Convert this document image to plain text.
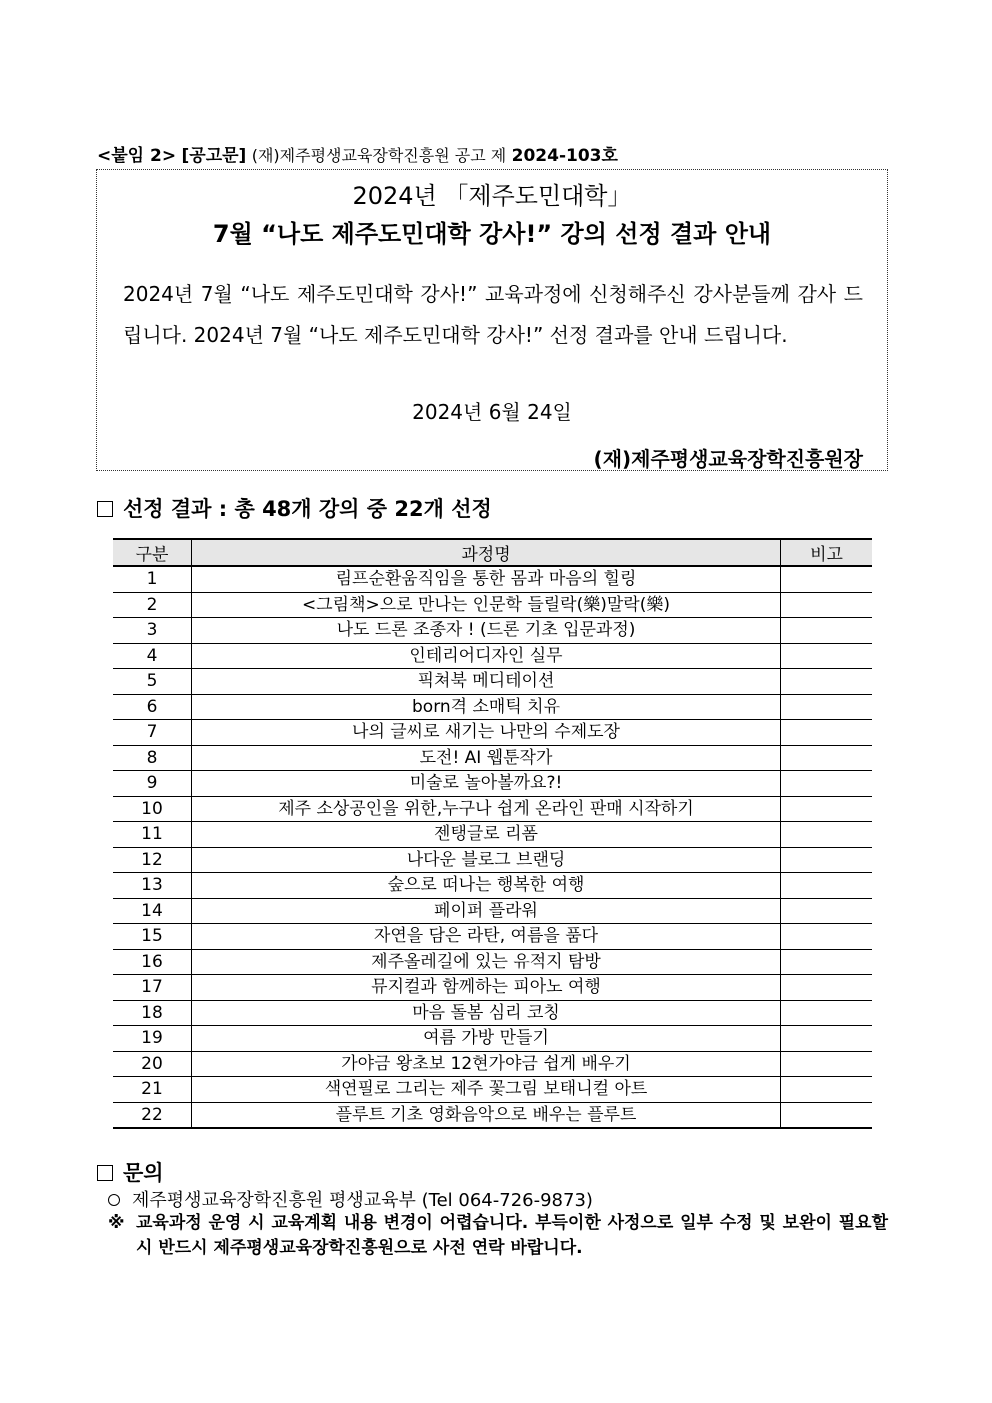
<붙임 2> [공고문] (재)제주평생교육장학진흥원 공고 제 2024-103호
2024년 「제주도민대학」
7월 “나도 제주도민대학 강사!” 강의 선정 결과 안내
2024년 7월 “나도 제주도민대학 강사!” 교육과정에 신청해주신 강사분들께 감사 드립니다. 2024년 7월 “나도 제주도민대학 강사!” 선정 결과를 안내 드립니다.
2024년 6월 24일
(재)제주평생교육장학진흥원장
선정 결과 : 총 48개 강의 중 22개 선정
구분	과정명	비고
1	림프순환움직임을 통한 몸과 마음의 힐링	
2	<그림책>으로 만나는 인문학 들릴락(樂)말락(樂)	
3	나도 드론 조종자 ! (드론 기초 입문과정)	
4	인테리어디자인 실무	
5	픽쳐북 메디테이션	
6	born격 소매틱 치유	
7	나의 글씨로 새기는 나만의 수제도장	
8	도전! AI 웹툰작가	
9	미술로 놀아볼까요?!	
10	제주 소상공인을 위한,누구나 쉽게 온라인 판매 시작하기	
11	젠탱글로 리폼	
12	나다운 블로그 브랜딩	
13	숲으로 떠나는 행복한 여행	
14	페이퍼 플라워	
15	자연을 담은 라탄, 여름을 품다	
16	제주올레길에 있는 유적지 탐방	
17	뮤지컬과 함께하는 피아노 여행	
18	마음 돌봄 심리 코칭	
19	여름 가방 만들기	
20	가야금 왕초보 12현가야금 쉽게 배우기	
21	색연필로 그리는 제주 꽃그림 보태니컬 아트	
22	플루트 기초 영화음악으로 배우는 플루트	
문의
제주평생교육장학진흥원 평생교육부 (Tel 064-726-9873)
※ 교육과정 운영 시 교육계획 내용 변경이 어렵습니다. 부득이한 사정으로 일부 수정 및 보완이 필요할 시 반드시 제주평생교육장학진흥원으로 사전 연락 바랍니다.
